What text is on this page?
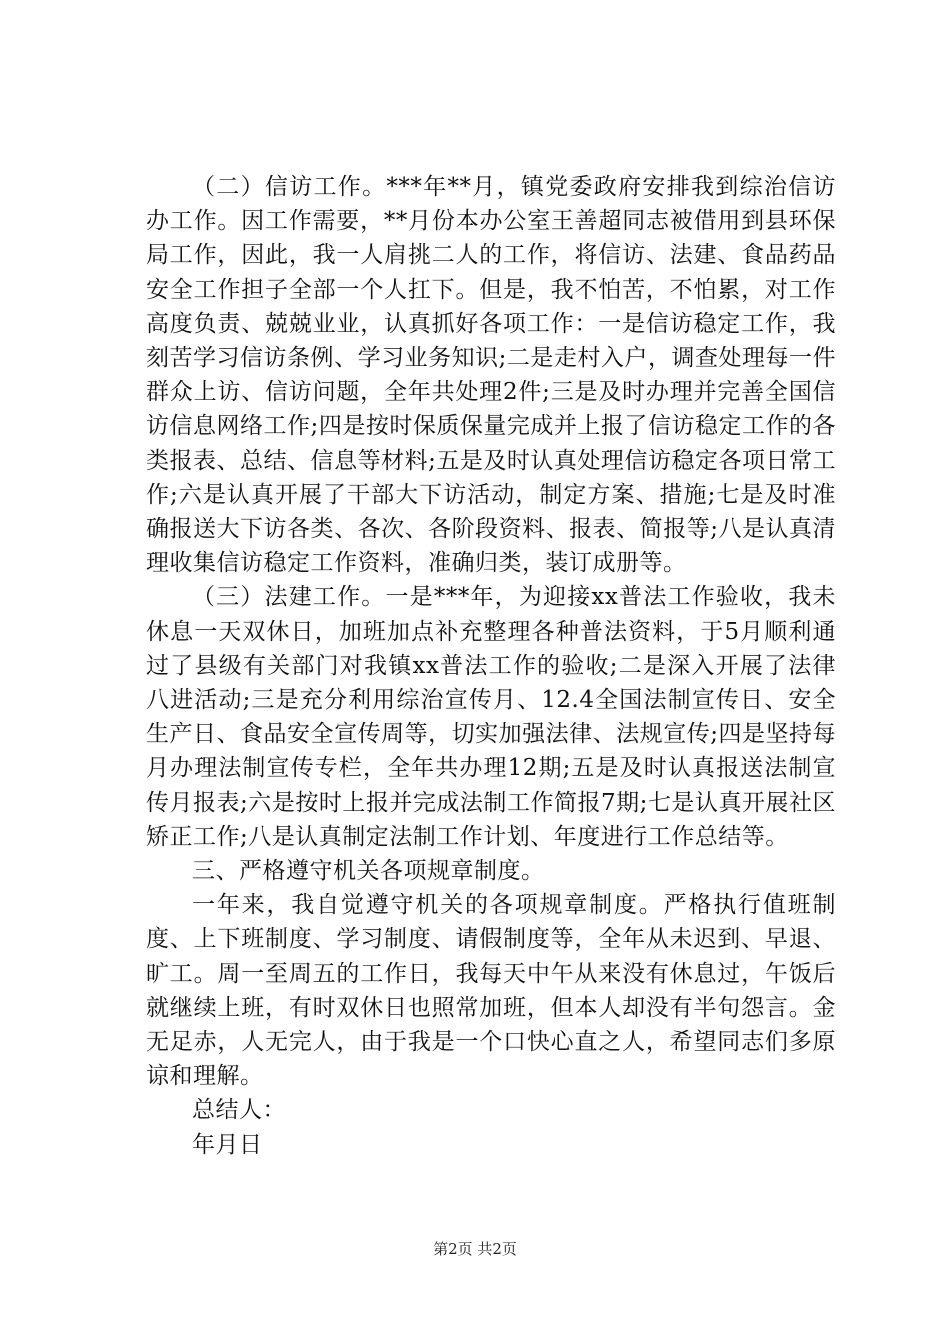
（二）信访工作。***年**月，镇党委政府安排我到综治信访办工作。因工作需要，**月份本办公室王善超同志被借用到县环保局工作，因此，我一人肩挑二人的工作，将信访、法建、食品药品安全工作担子全部一个人扛下。但是，我不怕苦，不怕累，对工作高度负责、兢兢业业，认真抓好各项工作：一是信访稳定工作，我刻苦学习信访条例、学习业务知识;二是走村入户，调查处理每一件群众上访、信访问题，全年共处理2件;三是及时办理并完善全国信访信息网络工作;四是按时保质保量完成并上报了信访稳定工作的各类报表、总结、信息等材料;五是及时认真处理信访稳定各项日常工作;六是认真开展了干部大下访活动，制定方案、措施;七是及时准确报送大下访各类、各次、各阶段资料、报表、简报等;八是认真清理收集信访稳定工作资料，准确归类，装订成册等。

（三）法建工作。一是***年，为迎接xx普法工作验收，我未休息一天双休日，加班加点补充整理各种普法资料，于5月顺利通过了县级有关部门对我镇xx普法工作的验收;二是深入开展了法律八进活动;三是充分利用综治宣传月、12.4全国法制宣传日、安全生产日、食品安全宣传周等，切实加强法律、法规宣传;四是坚持每月办理法制宣传专栏，全年共办理12期;五是及时认真报送法制宣传月报表;六是按时上报并完成法制工作简报7期;七是认真开展社区矫正工作;八是认真制定法制工作计划、年度进行工作总结等。

三、严格遵守机关各项规章制度。

一年来，我自觉遵守机关的各项规章制度。严格执行值班制度、上下班制度、学习制度、请假制度等，全年从未迟到、早退、旷工。周一至周五的工作日，我每天中午从来没有休息过，午饭后就继续上班，有时双休日也照常加班，但本人却没有半句怨言。金无足赤，人无完人，由于我是一个口快心直之人，希望同志们多原谅和理解。

总结人：

年月日

第2页 共2页
